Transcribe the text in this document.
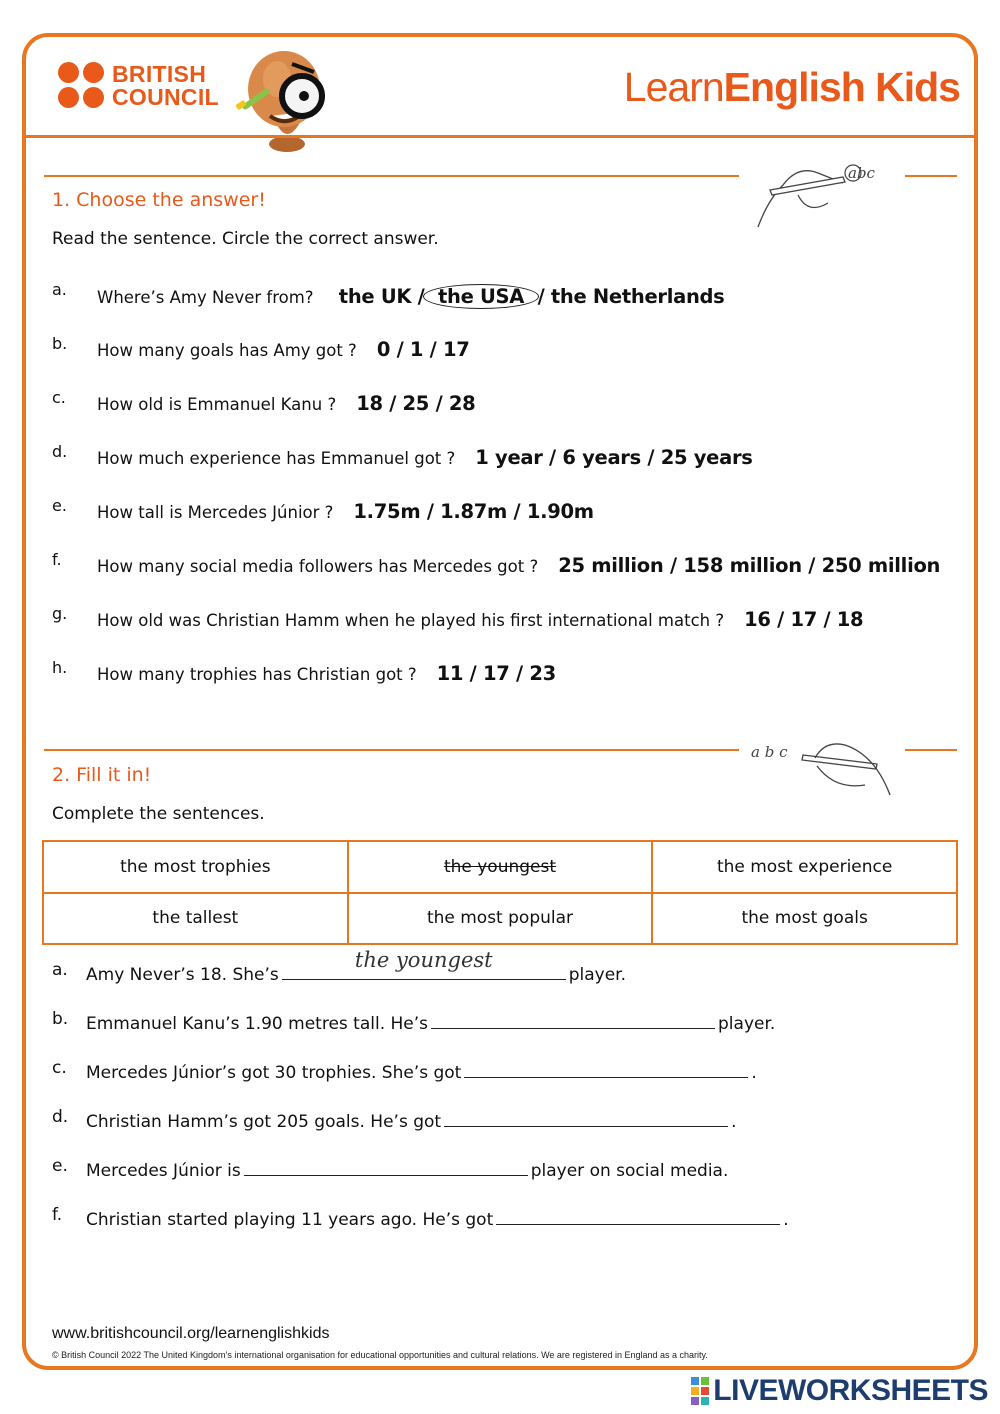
BRITISH
COUNCIL	LearnEnglish Kids
abc
1. Choose the answer!
Read the sentence. Circle the correct answer.
a. Where’s Amy Never from? the UK / the USA / the Netherlands
b. How many goals has Amy got ? 0 / 1 / 17
c. How old is Emmanuel Kanu ? 18 / 25 / 28
d. How much experience has Emmanuel got ? 1 year / 6 years / 25 years
e. How tall is Mercedes Júnior ? 1.75m / 1.87m / 1.90m
f. How many social media followers has Mercedes got ? 25 million / 158 million / 250 million
g. How old was Christian Hamm when he played his first international match ? 16 / 17 / 18
h. How many trophies has Christian got ? 11 / 17 / 23
a b c
2. Fill it in!
Complete the sentences.
the most trophies	the youngest	the most experience
the tallest	the most popular	the most goals
a. Amy Never’s 18. She’s
the youngest
player.
b. Emmanuel Kanu’s 1.90 metres tall. He’s	player.
c. Mercedes Júnior’s got 30 trophies. She’s got	.
d. Christian Hamm’s got 205 goals. He’s got	.
e. Mercedes Júnior is	player on social media.
f. Christian started playing 11 years ago. He’s got	.
www.britishcouncil.org/learnenglishkids
© British Council 2022 The United Kingdom’s international organisation for educational opportunities and cultural relations. We are registered in England as a charity.
LIVEWORKSHEETS
